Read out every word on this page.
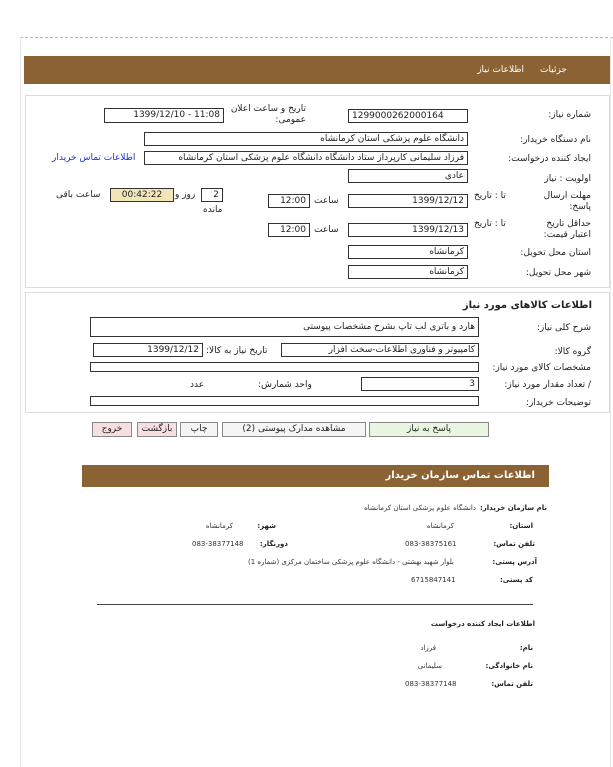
جزئیات
اطلاعات نیاز
شماره نیاز:
1299000262000164
تاریخ و ساعت اعلان عمومی:
1399/12/10 - 11:08
نام دستگاه خریدار:
دانشگاه علوم پزشکی استان کرمانشاه
ایجاد کننده درخواست:
فرزاد سلیمانی کارپرداز ستاد دانشگاه دانشگاه علوم پزشکی استان کرمانشاه
اطلاعات تماس خریدار
اولویت : نیاز
عادی
مهلت ارسال پاسخ:
تا : تاریخ
1399/12/12
ساعت
12:00
2
روز و
مانده
00:42:22
ساعت باقی
حداقل تاریخ اعتبار قیمت:
تا : تاریخ
1399/12/13
ساعت
12:00
استان محل تحویل:
کرمانشاه
شهر محل تحویل:
کرمانشاه
اطلاعات کالاهای مورد نیاز
شرح کلی نیاز:
هارد و باتری لب تاپ بشرح مشخصات پیوستی
گروه کالا:
کامپیوتر و فناوری اطلاعات-سخت افزار
تاریخ نیاز به کالا:
1399/12/12
مشخصات کالای مورد نیاز:
/ تعداد مقدار مورد نیاز:
3
واحد شمارش:
عدد
توضیحات خریدار:
پاسخ به نیاز
مشاهده مدارک پیوستی (2)
چاپ
بازگشت
خروج
اطلاعات تماس سازمان خریدار
نام سازمان خریدار:
دانشگاه علوم پزشکی استان کرمانشاه
استان:
کرمانشاه
شهر:
کرمانشاه
تلفن تماس:
083-38375161
دورنگار:
083-38377148
آدرس پستی:
بلوار شهید بهشتی - دانشگاه علوم پزشکی ساختمان مرکزی (شماره 1)
کد پستی:
6715847141
اطلاعات ایجاد کننده درخواست
نام:
فرزاد
نام خانوادگی:
سلیمانی
تلفن تماس:
083-38377148
